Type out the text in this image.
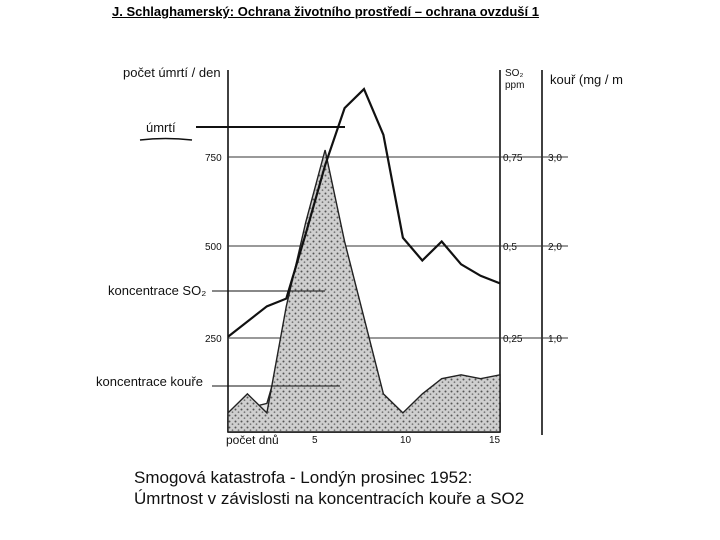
J. Schlaghamerský: Ochrana životního prostředí – ochrana ovzduší 1
počet úmrtí / den	SO₂
ppm kouř (mg / m
počet dnů
750
500
250
0,75
0,5
0,25
3,0
2,0
1,0
5	10	15
úmrtí
koncentrace SO₂
koncentrace kouře
Smogová katastrofa - Londýn prosinec 1952:
Úmrtnost v závislosti na koncentracích kouře a SO2
